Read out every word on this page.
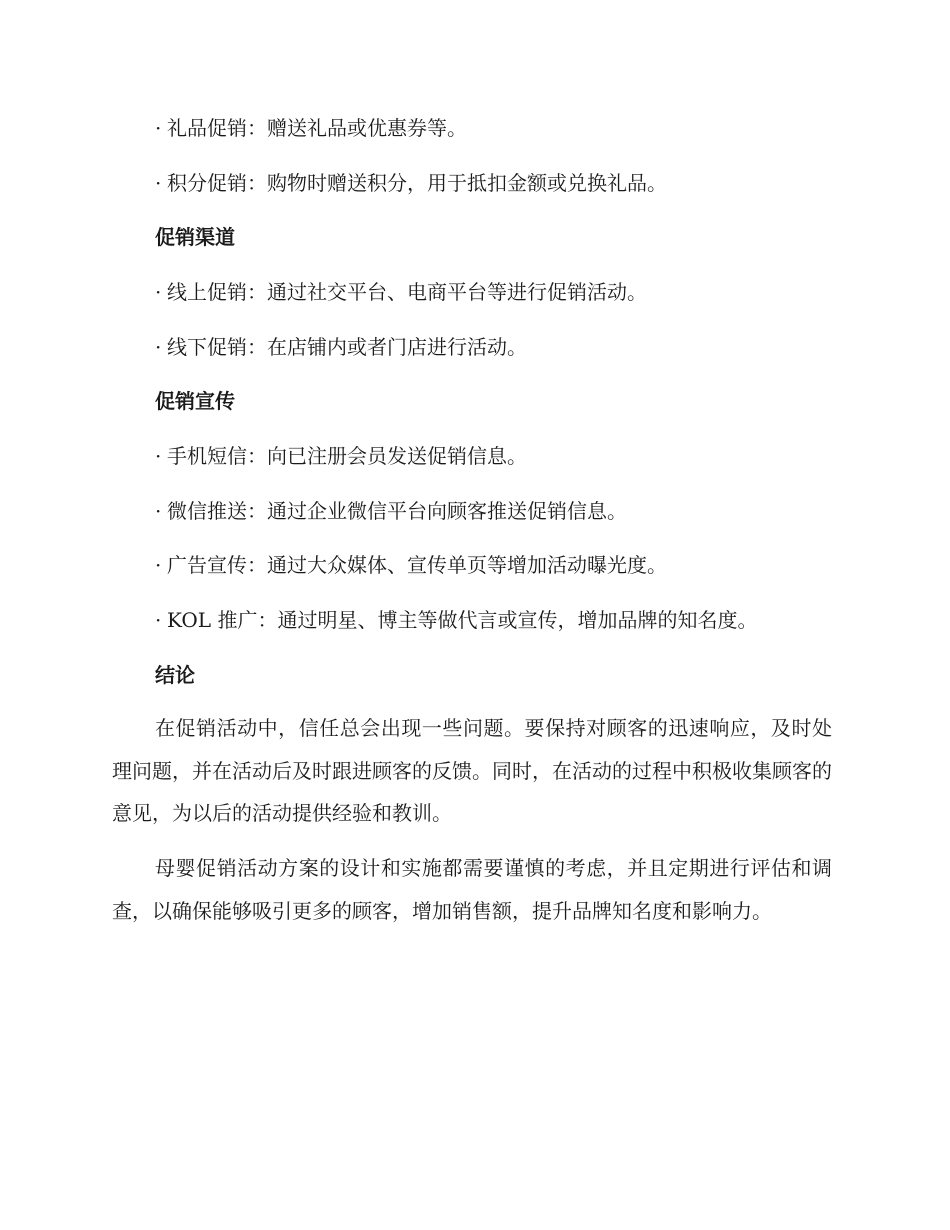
· 礼品促销：赠送礼品或优惠券等。
· 积分促销：购物时赠送积分，用于抵扣金额或兑换礼品。
促销渠道
· 线上促销：通过社交平台、电商平台等进行促销活动。
· 线下促销：在店铺内或者门店进行活动。
促销宣传
· 手机短信：向已注册会员发送促销信息。
· 微信推送：通过企业微信平台向顾客推送促销信息。
· 广告宣传：通过大众媒体、宣传单页等增加活动曝光度。
· KOL 推广：通过明星、博主等做代言或宣传，增加品牌的知名度。
结论

在促销活动中，信任总会出现一些问题。要保持对顾客的迅速响应，及时处理问题，并在活动后及时跟进顾客的反馈。同时，在活动的过程中积极收集顾客的意见，为以后的活动提供经验和教训。

母婴促销活动方案的设计和实施都需要谨慎的考虑，并且定期进行评估和调查，以确保能够吸引更多的顾客，增加销售额，提升品牌知名度和影响力。
